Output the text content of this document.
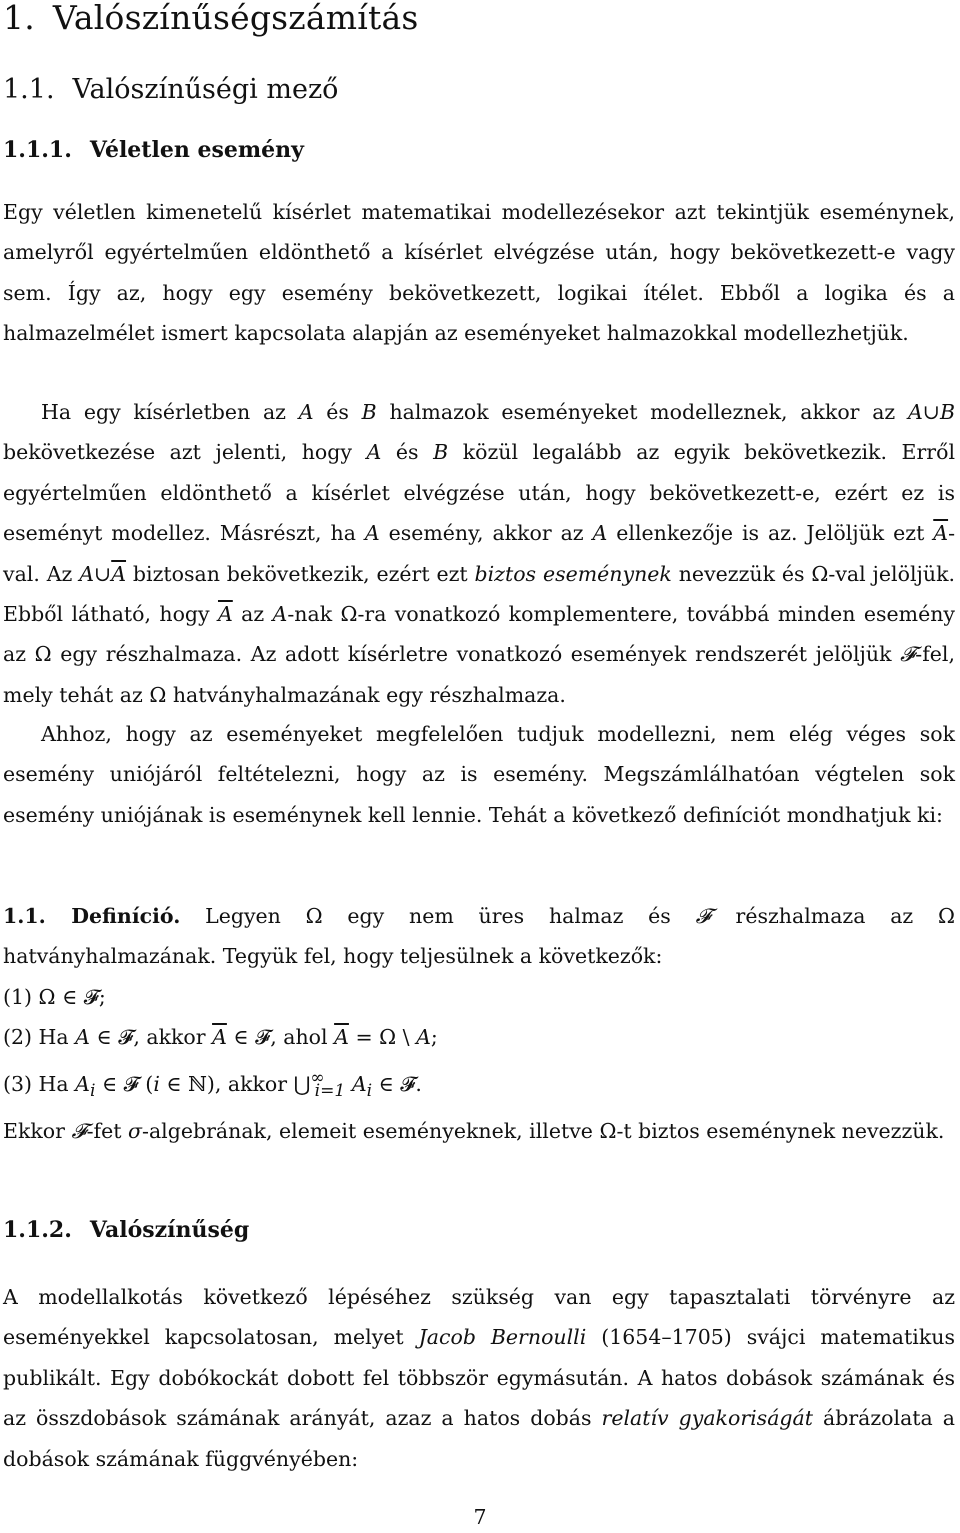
1. Valószínűségszámítás
1.1. Valószínűségi mező
1.1.1. Véletlen esemény

Egy véletlen kimenetelű kísérlet matematikai modellezésekor azt tekintjük eseménynek, amelyről egyértelműen eldönthető a kísérlet elvégzése után, hogy bekövetkezett-e vagy sem. Így az, hogy egy esemény bekövetkezett, logikai ítélet. Ebből a logika és a halmazelmélet ismert kapcsolata alapján az eseményeket halmazokkal modellezhetjük.

Ha egy kísérletben az A és B halmazok eseményeket modelleznek, akkor az A∪B bekövetkezése azt jelenti, hogy A és B közül legalább az egyik bekövetkezik. Erről egyértelműen eldönthető a kísérlet elvégzése után, hogy bekövetkezett-e, ezért ez is eseményt modellez. Másrészt, ha A esemény, akkor az A ellenkezője is az. Jelöljük ezt $\overline{A}$-val. Az $A\cup\overline{A}$ biztosan bekövetkezik, ezért ezt biztos eseménynek nevezzük és Ω-val jelöljük. Ebből látható, hogy $\overline{A}$ az A-nak Ω-ra vonatkozó komplementere, továbbá minden esemény az Ω egy részhalmaza. Az adott kísérletre vonatkozó események rendszerét jelöljük 𝓕-fel, mely tehát az Ω hatványhalmazának egy részhalmaza.

Ahhoz, hogy az eseményeket megfelelően tudjuk modellezni, nem elég véges sok esemény uniójáról feltételezni, hogy az is esemény. Megszámlálhatóan végtelen sok esemény uniójának is eseménynek kell lennie. Tehát a következő definíciót mondhatjuk ki:

1.1. Definíció. Legyen Ω egy nem üres halmaz és 𝓕 részhalmaza az Ω hatványhalmazának. Tegyük fel, hogy teljesülnek a következők:
(1) Ω ∈ 𝓕;
(2) Ha A ∈ 𝓕, akkor $\overline{A}$ ∈ 𝓕, ahol $\overline{A} = \Omega$ \ A;
(3) Ha $A_i$ ∈ 𝓕 (i ∈ ℕ), akkor $⋃^\infty_{i=1}$ $A_i$ ∈ 𝓕.
Ekkor 𝓕-fet σ-algebrának, elemeit eseményeknek, illetve Ω-t biztos eseménynek nevezzük.
1.1.2. Valószínűség

A modellalkotás következő lépéséhez szükség van egy tapasztalati törvényre az eseményekkel kapcsolatosan, melyet Jacob Bernoulli (1654–1705) svájci matematikus publikált. Egy dobókockát dobott fel többször egymásután. A hatos dobások számának és az összdobások számának arányát, azaz a hatos dobás relatív gyakoriságát ábrázolata a dobások számának függvényében:

7
